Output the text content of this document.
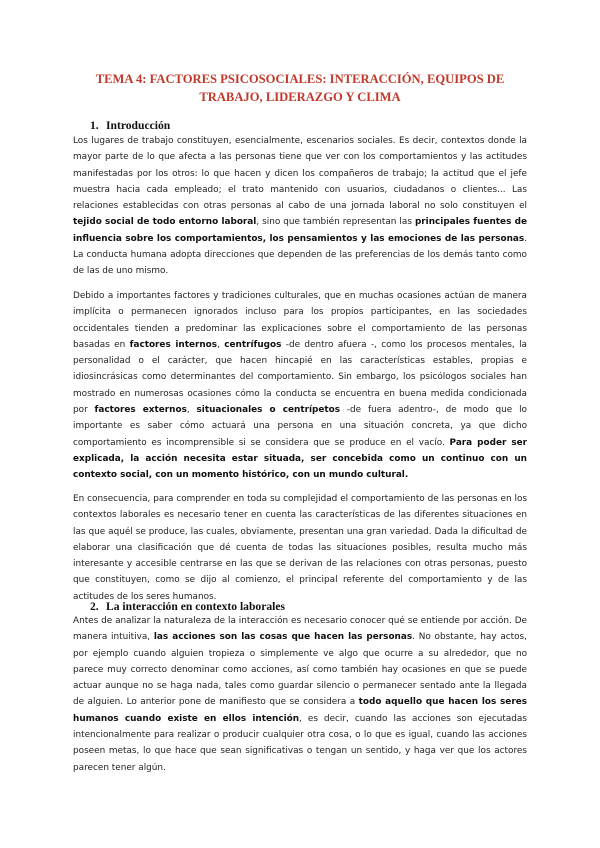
TEMA 4: FACTORES PSICOSOCIALES: INTERACCIÓN, EQUIPOS DE TRABAJO, LIDERAZGO Y CLIMA
1. Introducción

Los lugares de trabajo constituyen, esencialmente, escenarios sociales. Es decir, contextos donde la mayor parte de lo que afecta a las personas tiene que ver con los comportamientos y las actitudes manifestadas por los otros: lo que hacen y dicen los compañeros de trabajo; la actitud que el jefe muestra hacia cada empleado; el trato mantenido con usuarios, ciudadanos o clientes... Las relaciones establecidas con otras personas al cabo de una jornada laboral no solo constituyen el tejido social de todo entorno laboral, sino que también representan las principales fuentes de influencia sobre los comportamientos, los pensamientos y las emociones de las personas. La conducta humana adopta direcciones que dependen de las preferencias de los demás tanto como de las de uno mismo.

Debido a importantes factores y tradiciones culturales, que en muchas ocasiones actúan de manera implícita o permanecen ignorados incluso para los propios participantes, en las sociedades occidentales tienden a predominar las explicaciones sobre el comportamiento de las personas basadas en factores internos, centrífugos -de dentro afuera -, como los procesos mentales, la personalidad o el carácter, que hacen hincapié en las características estables, propias e idiosincrásicas como determinantes del comportamiento. Sin embargo, los psicólogos sociales han mostrado en numerosas ocasiones cómo la conducta se encuentra en buena medida condicionada por factores externos, situacionales o centrípetos -de fuera adentro-, de modo que lo importante es saber cómo actuará una persona en una situación concreta, ya que dicho comportamiento es incomprensible si se considera que se produce en el vacío. Para poder ser explicada, la acción necesita estar situada, ser concebida como un continuo con un contexto social, con un momento histórico, con un mundo cultural.

En consecuencia, para comprender en toda su complejidad el comportamiento de las personas en los contextos laborales es necesario tener en cuenta las características de las diferentes situaciones en las que aquél se produce, las cuales, obviamente, presentan una gran variedad. Dada la dificultad de elaborar una clasificación que dé cuenta de todas las situaciones posibles, resulta mucho más interesante y accesible centrarse en las que se derivan de las relaciones con otras personas, puesto que constituyen, como se dijo al comienzo, el principal referente del comportamiento y de las actitudes de los seres humanos.

2. La interacción en contexto laborales

Antes de analizar la naturaleza de la interacción es necesario conocer qué se entiende por acción. De manera intuitiva, las acciones son las cosas que hacen las personas. No obstante, hay actos, por ejemplo cuando alguien tropieza o simplemente ve algo que ocurre a su alrededor, que no parece muy correcto denominar como acciones, así como también hay ocasiones en que se puede actuar aunque no se haga nada, tales como guardar silencio o permanecer sentado ante la llegada de alguien. Lo anterior pone de manifiesto que se considera a todo aquello que hacen los seres humanos cuando existe en ellos intención, es decir, cuando las acciones son ejecutadas intencionalmente para realizar o producir cualquier otra cosa, o lo que es igual, cuando las acciones poseen metas, lo que hace que sean significativas o tengan un sentido, y haga ver que los actores parecen tener algún.
